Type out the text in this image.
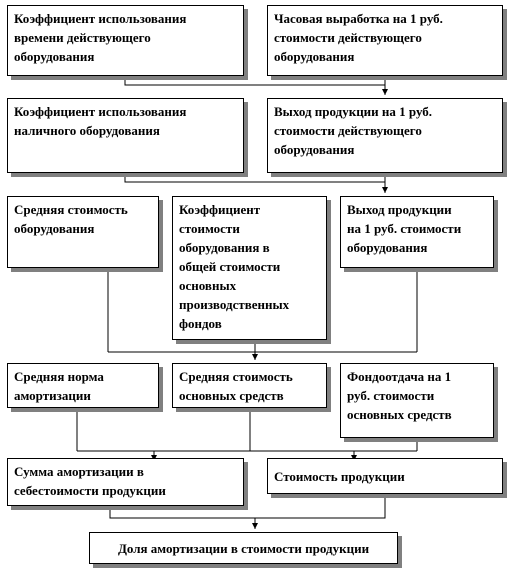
Коэффициент использования
времени действующего
оборудования
Часовая выработка на 1 руб.
стоимости действующего
оборудования
Коэффициент использования
наличного оборудования
Выход продукции на 1 руб.
стоимости действующего
оборудования
Средняя стоимость
оборудования
Коэффициент
стоимости
оборудования в
общей стоимости
основных
производственных
фондов
Выход продукции
на 1 руб. стоимости
оборудования
Средняя норма
амортизации
Средняя стоимость
основных средств
Фондоотдача на 1
руб. стоимости
основных средств
Сумма амортизации в
себестоимости продукции
Стоимость продукции
Доля амортизации в стоимости продукции
